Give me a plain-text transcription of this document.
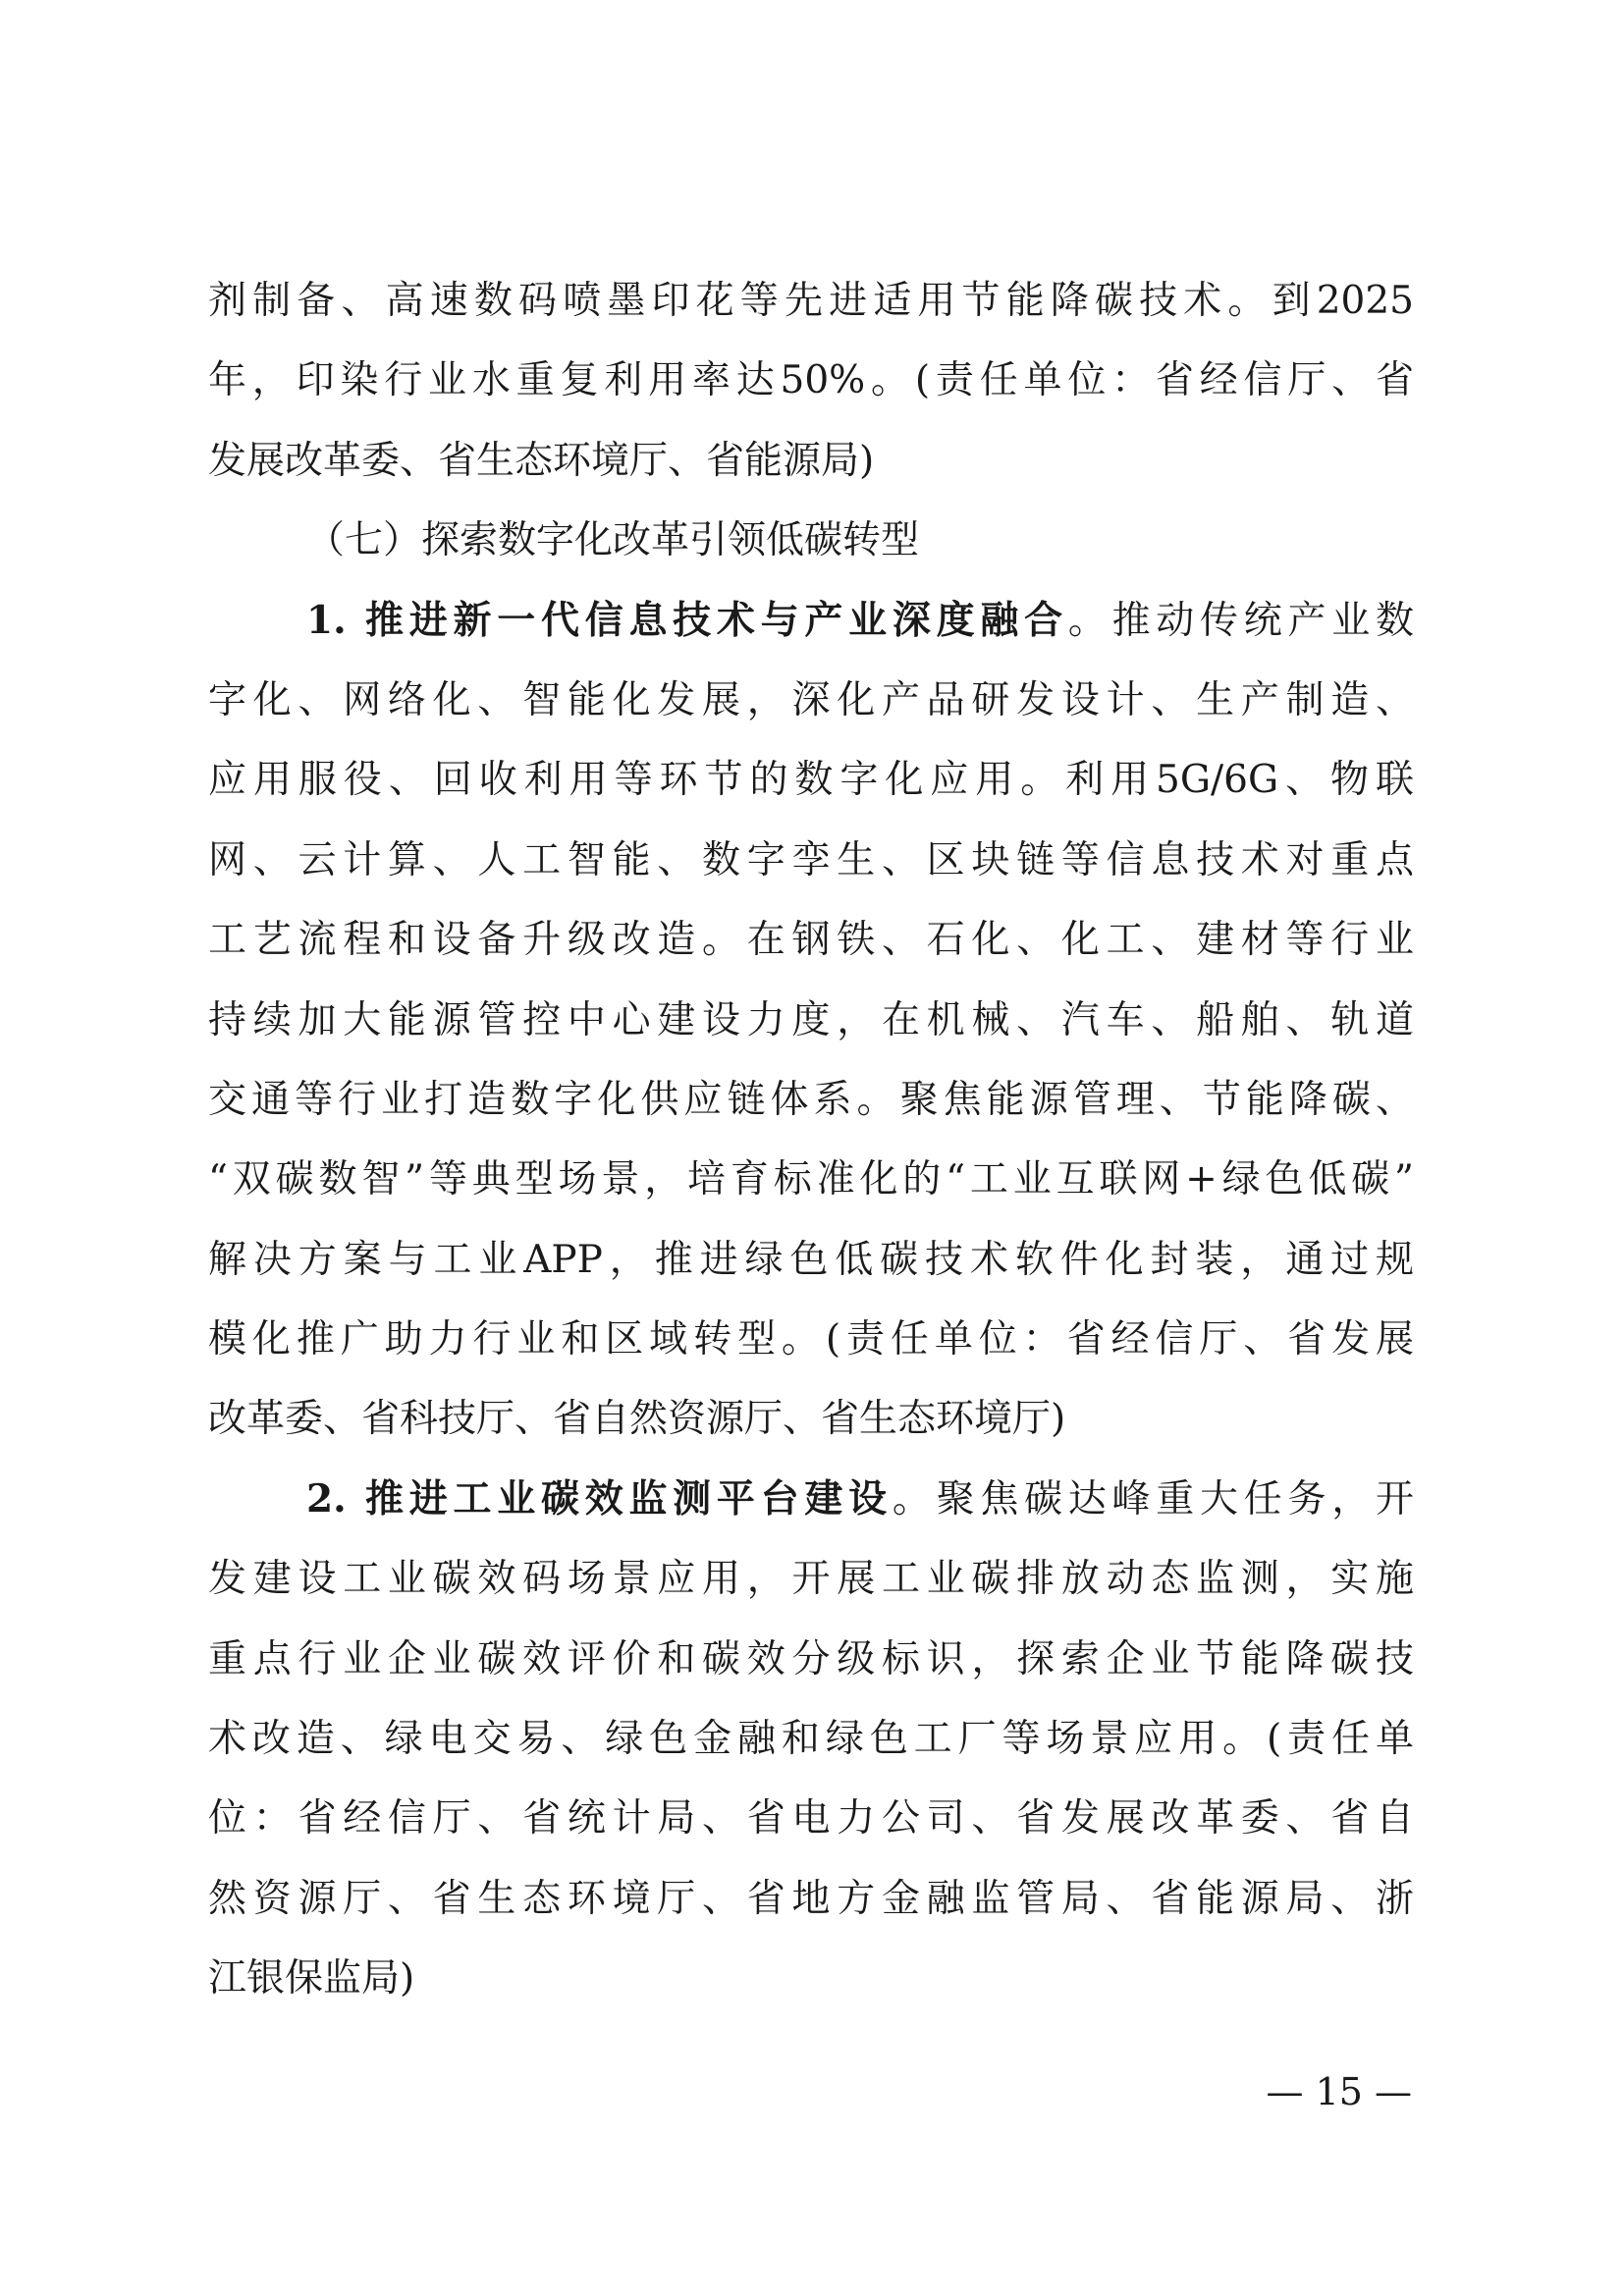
剂制备、高速数码喷墨印花等先进适用节能降碳技术。到2025
年，印染行业水重复利用率达50%。(责任单位：省经信厅、省
发展改革委、省生态环境厅、省能源局)
（七）探索数字化改革引领低碳转型
1. 推进新一代信息技术与产业深度融合。推动传统产业数
字化、网络化、智能化发展，深化产品研发设计、生产制造、
应用服役、回收利用等环节的数字化应用。利用5G/6G、物联
网、云计算、人工智能、数字孪生、区块链等信息技术对重点
工艺流程和设备升级改造。在钢铁、石化、化工、建材等行业
持续加大能源管控中心建设力度，在机械、汽车、船舶、轨道
交通等行业打造数字化供应链体系。聚焦能源管理、节能降碳、
“双碳数智”等典型场景，培育标准化的“工业互联网+绿色低碳”
解决方案与工业APP，推进绿色低碳技术软件化封装，通过规
模化推广助力行业和区域转型。(责任单位：省经信厅、省发展
改革委、省科技厅、省自然资源厅、省生态环境厅)
2. 推进工业碳效监测平台建设。聚焦碳达峰重大任务，开
发建设工业碳效码场景应用，开展工业碳排放动态监测，实施
重点行业企业碳效评价和碳效分级标识，探索企业节能降碳技
术改造、绿电交易、绿色金融和绿色工厂等场景应用。(责任单
位：省经信厅、省统计局、省电力公司、省发展改革委、省自
然资源厅、省生态环境厅、省地方金融监管局、省能源局、浙
江银保监局)
— 15 —
